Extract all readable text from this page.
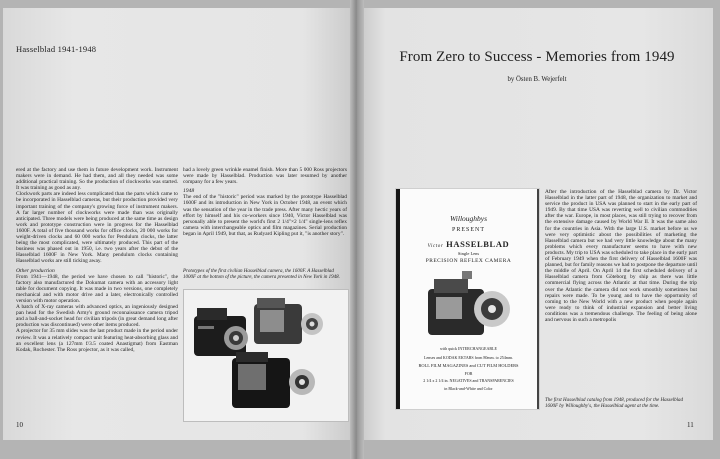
Hasselblad 1941-1948

ered at the factory and use them in future development work. Instrument makers were in demand. He had them, and all they needed was some additional practical training. So the production of clockworks was started. It was training as good as any.

Clockwork parts are indeed less complicated than the parts which came to be incorporated in Hasselblad cameras, but their production provided very important training of the company's growing force of instrument makers. A far larger number of clockworks were made than was originally anticipated. Three models were being produced at the same time as design work and prototype construction were in progress for the Hasselblad 1600F. A total of five thousand works for office clocks, 20 000 works for weight-driven clocks and 60 000 works for Pendulum clocks, the latter being the most complicated, were ultimately produced. This part of the business was phased out in 1950, i.e. two years after the debut of the Hasselblad 1600F in New York. Many pendulum clocks containing Hasselblad works are still ticking away.

Other production

From 1941—1948, the period we have chosen to call "historic", the factory also manufactured the Dokumat camera with an accessory light table for document copying. It was made in two versions, one completely mechanical and with motor drive and a later, electronically controlled version with motor operation.

A batch of X-ray cameras with advanced optics, an ingeniously designed pan head for the Swedish Army's ground reconnaissance camera tripod and a ball-and-socket head for civilian tripods (in great demand long after production was discontinued) were other items produced.

A projector for 35 mm slides was the last product made in the period under review. It was a relatively compact unit featuring heat-absorbing glass and an excellent lens (a 127mm f/3.5 coated Anastigmat) from Eastman Kodak, Rochester. The Ross projector, as it was called,

had a lovely green wrinkle enamel finish. More than 5 000 Ross projectors were made by Hasselblad. Production was later resumed by another company for a few years.

1948

The end of the "historic" period was marked by the prototype Hasselblad 1600F and its introduction in New York in October 1948, an event which was the sensation of the year in the trade press. After many hectic years of effort by himself and his co-workers since 1940, Victor Hasselblad was personally able to present the world's first 2 1/4"×2 1/4" single-lens reflex camera with interchangeable optics and film magazines. Serial production began in April 1949, but that, as Rudyard Kipling put it, "is another story".

Prototypes of the first civilian Hasselblad camera, the 1600F. A Hasselblad 1000F at the bottom of the picture, the camera presented in New York in 1948.
10
From Zero to Success - Memories from 1949
by Östen B. Wejerfelt
Willoughbys
PRESENT
Victor HASSELBLAD
Single Lens
PRECISION REFLEX CAMERA
with quick INTERCHANGEABLE
Lenses and KODAK EKTARS from 80mm. to 254mm.
ROLL FILM MAGAZINES and CUT FILM HOLDERS
FOR
2 1/4 x 2 1/4 in. NEGATIVES and TRANSPARENCIES
in Black-and-White and Color

After the introduction of the Hasselblad camera by Dr. Victor Hasselblad in the latter part of 1948, the organization to market and service the product in USA was planned to start in the early part of 1949. By that time USA was reverting well to civilian commodities after the war. Europe, in most places, was still trying to recover from the extensive damage caused by World War II. It was the same also for the countries in Asia. With the large U.S. market before us we were very optimistic about the possibilities of marketing the Hasselblad camera but we had very little knowledge about the many problems which every manufacturer seems to have with new products. My trip to USA was scheduled to take place in the early part of February 1949 when the first delivery of Hasselblad 1600F was planned, but for family reasons we had to postpone the departure until the middle of April. On April 14 the first scheduled delivery of a Hasselblad camera from Göteborg by ship as there was little commercial flying across the Atlantic at that time. During the trip over the Atlantic the camera did not work smoothly sometimes but repairs were made. To be young and to have the opportunity of coming to the New World with a new product when people again were ready to think of industrial expansion and better living conditions was a tremendous challenge. The feeling of being alone and nervous in such a metropolis

The first Hasselblad catalog from 1948, produced for the Hasselblad 1600F by Willoughby's, the Hasselblad agent at the time.
11
